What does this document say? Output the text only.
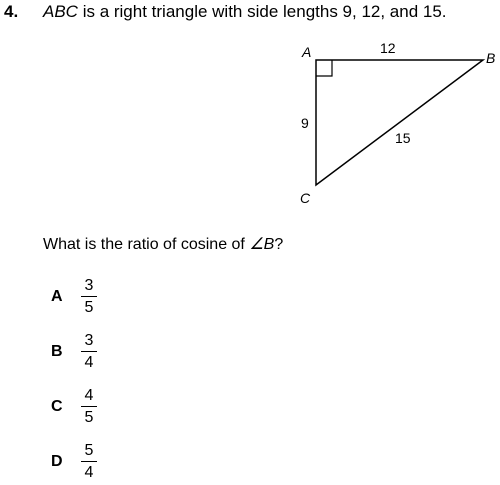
4. ABC is a right triangle with side lengths 9, 12, and 15.
A	B
C
12
9
15
What is the ratio of cosine of ∠B?
A
3
5
B
3
4
C
4
5
D
5
4
